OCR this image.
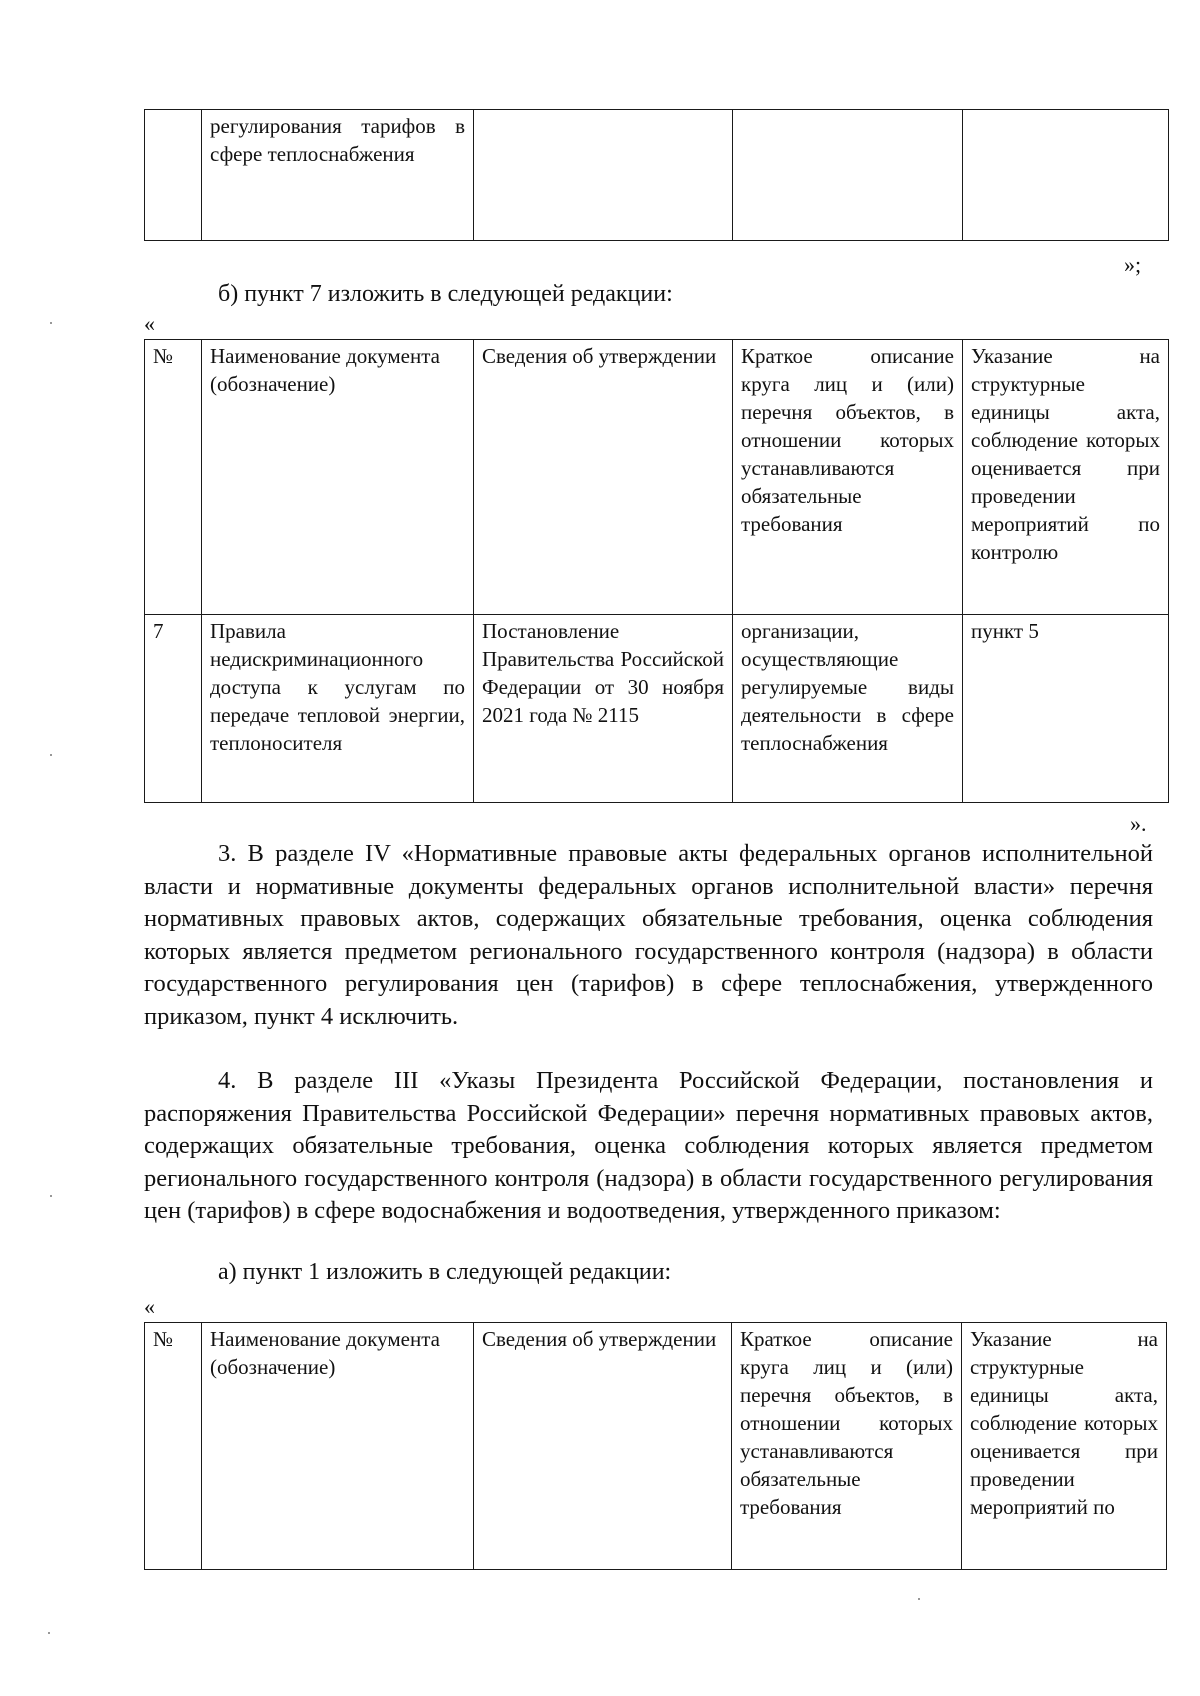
	регулирования тарифов в сфере теплоснабжения			
»;
б) пункт 7 изложить в следующей редакции:
«
№	Наименование документа (обозначение)	Сведения об утверждении	Краткое описание круга лиц и (или) перечня объектов, в отношении которых устанавливаются обязательные требования	Указание на структурные единицы акта, соблюдение которых оценивается при проведении мероприятий по контролю
7	Правила недискриминационного доступа к услугам по передаче тепловой энергии, теплоносителя	Постановление Правительства Российской Федерации от 30 ноября 2021 года № 2115	организации, осуществляющие регулируемые виды деятельности в сфере теплоснабжения	пункт 5
».
3. В разделе IV «Нормативные правовые акты федеральных органов исполнительной власти и нормативные документы федеральных органов исполнительной власти» перечня нормативных правовых актов, содержащих обязательные требования, оценка соблюдения которых является предметом регионального государственного контроля (надзора) в области государственного регулирования цен (тарифов) в сфере теплоснабжения, утвержденного приказом, пункт 4 исключить.
4. В разделе III «Указы Президента Российской Федерации, постановления и распоряжения Правительства Российской Федерации» перечня нормативных правовых актов, содержащих обязательные требования, оценка соблюдения которых является предметом регионального государственного контроля (надзора) в области государственного регулирования цен (тарифов) в сфере водоснабжения и водоотведения, утвержденного приказом:
а) пункт 1 изложить в следующей редакции:
«
№	Наименование документа (обозначение)	Сведения об утверждении	Краткое описание круга лиц и (или) перечня объектов, в отношении которых устанавливаются обязательные требования	Указание на структурные единицы акта, соблюдение которых оценивается при проведении мероприятий по
